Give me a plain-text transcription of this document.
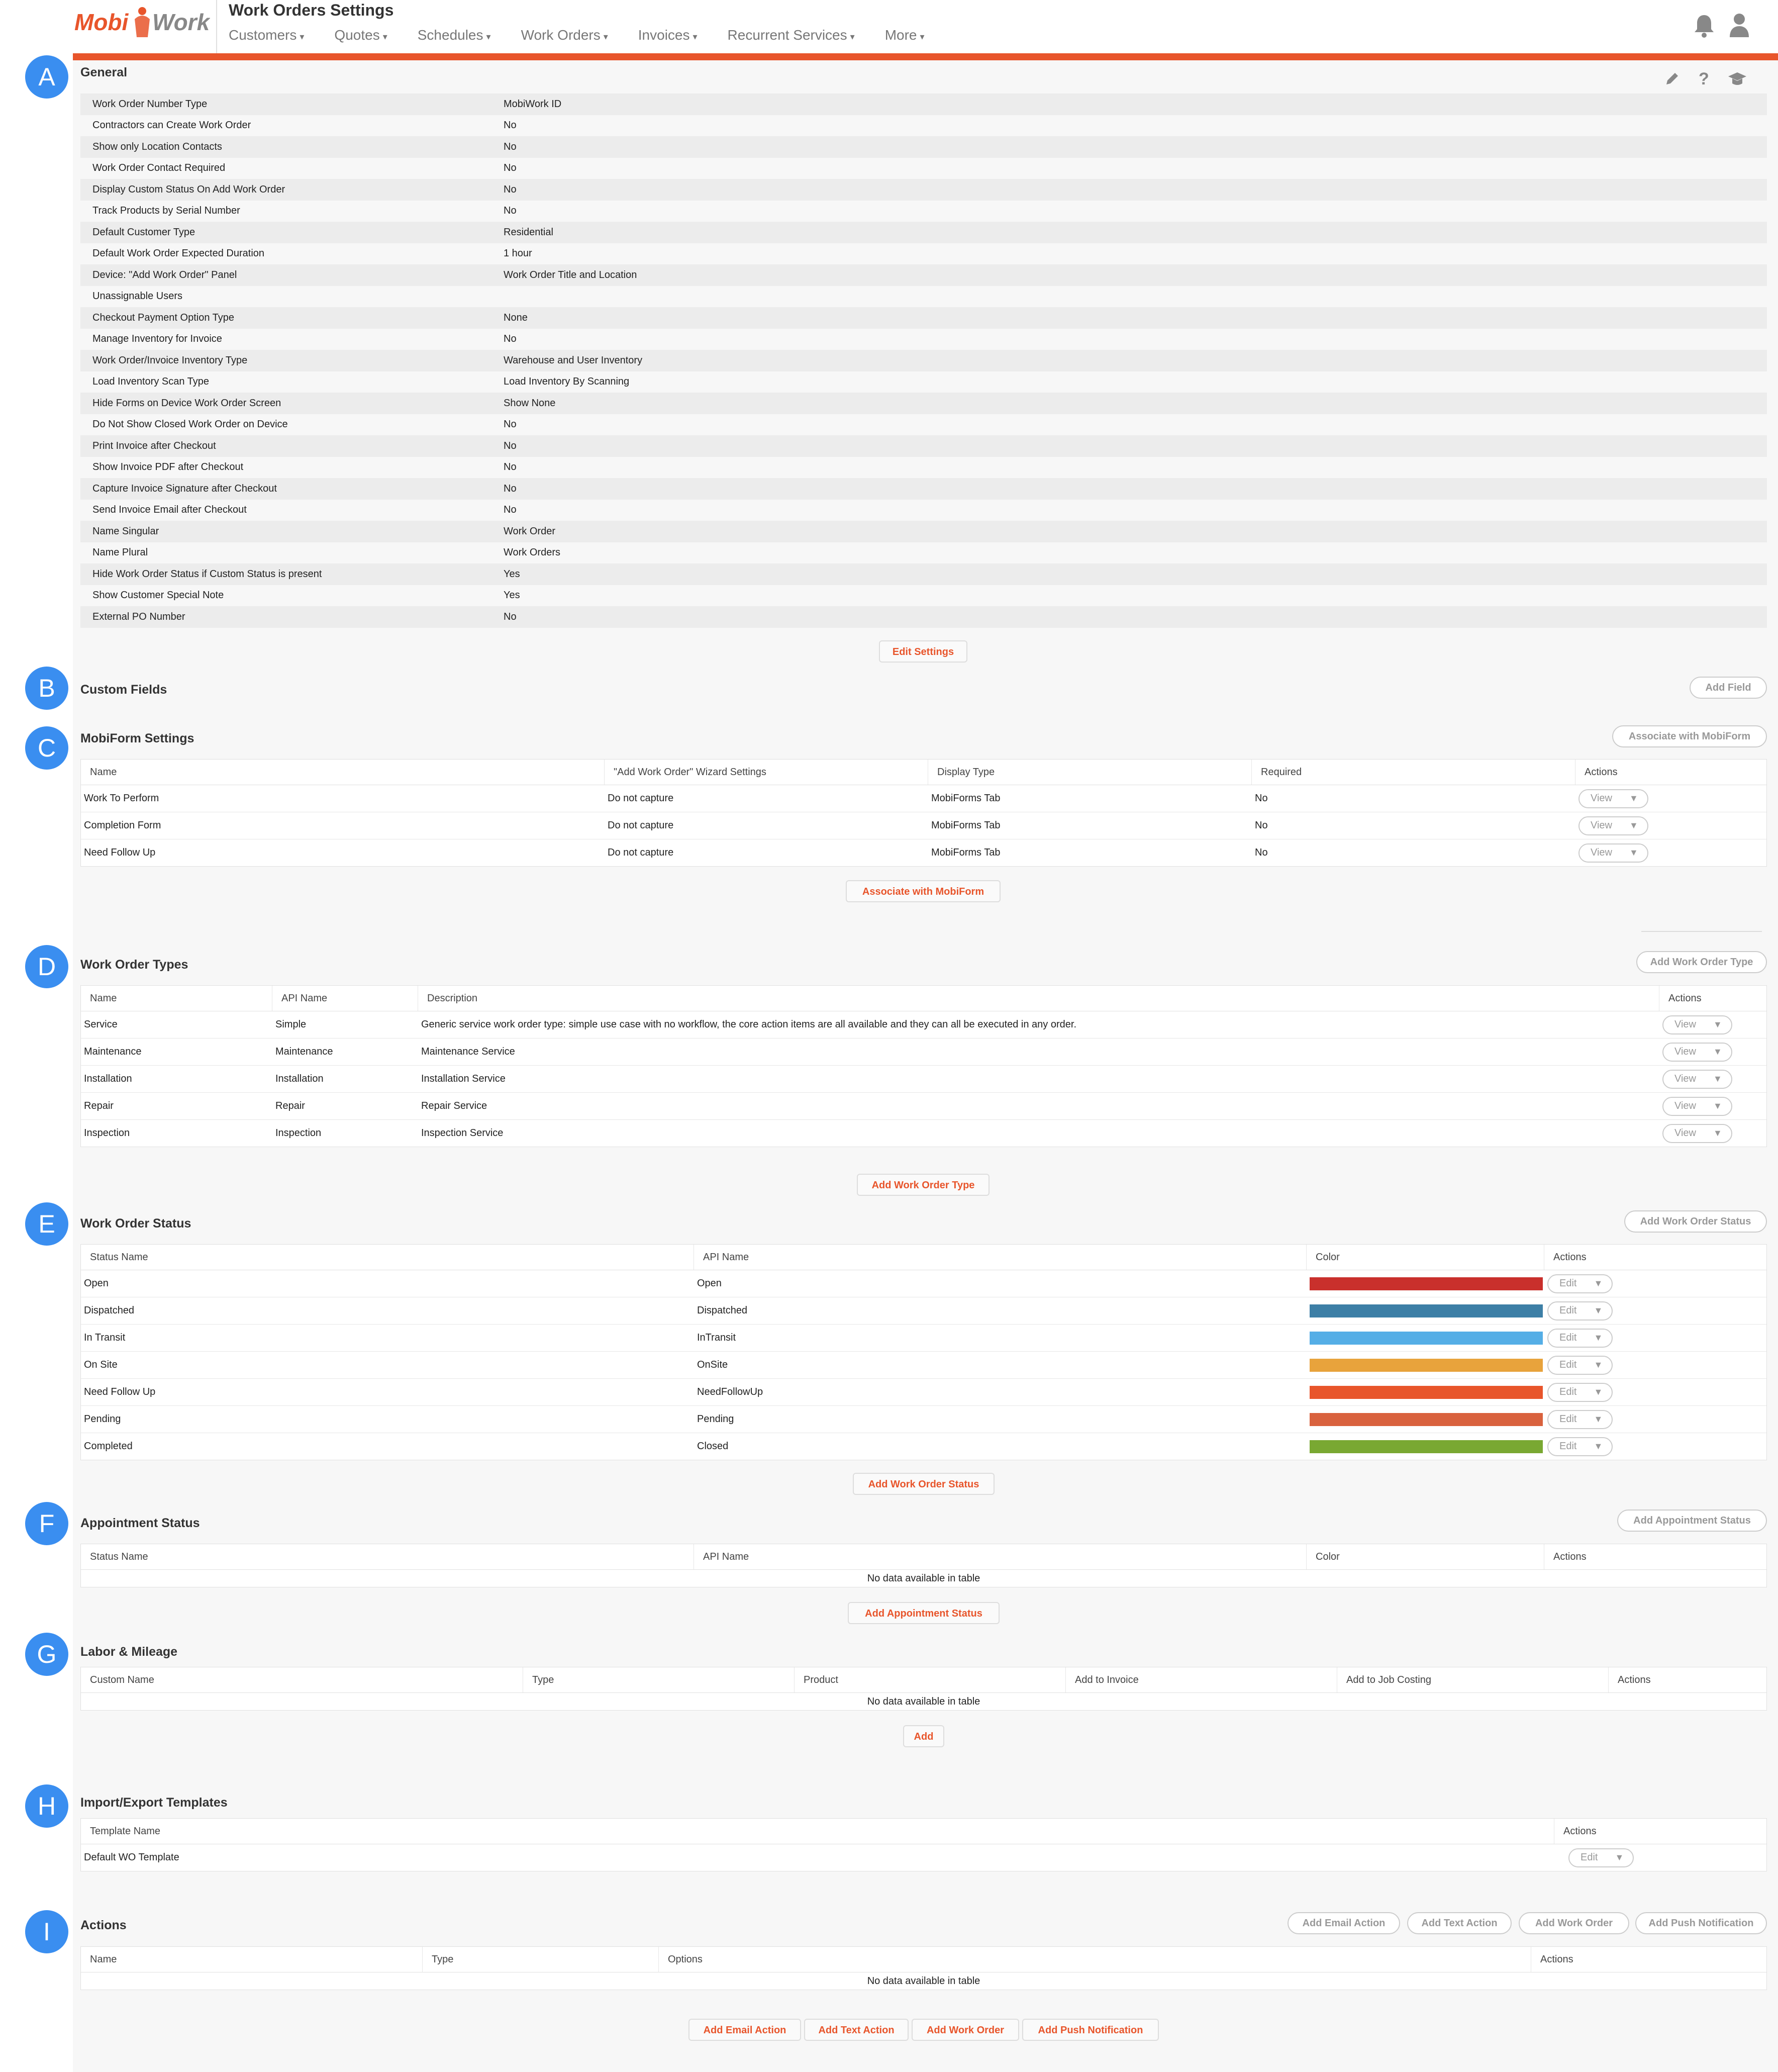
Mobi Work Work Orders Settings
Customers ▾ Quotes ▾ Schedules ▾ Work Orders ▾ Invoices ▾ Recurrent Services ▾ More ▾
A
B
C
D
E
F
G
H
I
General	?
Work Order Number Type	MobiWork ID
Contractors can Create Work Order	No
Show only Location Contacts	No
Work Order Contact Required	No
Display Custom Status On Add Work Order	No
Track Products by Serial Number	No
Default Customer Type	Residential
Default Work Order Expected Duration	1 hour
Device: "Add Work Order" Panel	Work Order Title and Location
Unassignable Users
Checkout Payment Option Type	None
Manage Inventory for Invoice	No
Work Order/Invoice Inventory Type	Warehouse and User Inventory
Load Inventory Scan Type	Load Inventory By Scanning
Hide Forms on Device Work Order Screen	Show None
Do Not Show Closed Work Order on Device	No
Print Invoice after Checkout	No
Show Invoice PDF after Checkout	No
Capture Invoice Signature after Checkout	No
Send Invoice Email after Checkout	No
Name Singular	Work Order
Name Plural	Work Orders
Hide Work Order Status if Custom Status is present	Yes
Show Customer Special Note	Yes
External PO Number	No
Edit Settings
Custom Fields	Add Field
MobiForm Settings	Associate with MobiForm
Name	"Add Work Order" Wizard Settings	Display Type	Required	Actions
Work To Perform	Do not capture	MobiForms Tab	No	View ▼
Completion Form	Do not capture	MobiForms Tab	No	View ▼
Need Follow Up	Do not capture	MobiForms Tab	No	View ▼
Associate with MobiForm
Work Order Types	Add Work Order Type
Name	API Name	Description	Actions
Service	Simple	Generic service work order type: simple use case with no workflow, the core action items are all available and they can all be executed in any order.	View ▼
Maintenance	Maintenance	Maintenance Service	View ▼
Installation	Installation	Installation Service	View ▼
Repair	Repair	Repair Service	View ▼
Inspection	Inspection	Inspection Service	View ▼
Add Work Order Type
Work Order Status	Add Work Order Status
Status Name	API Name	Color	Actions
Open	Open	Edit ▼
Dispatched	Dispatched	Edit ▼
In Transit	InTransit	Edit ▼
On Site	OnSite	Edit ▼
Need Follow Up	NeedFollowUp	Edit ▼
Pending	Pending	Edit ▼
Completed	Closed	Edit ▼
Add Work Order Status
Appointment Status	Add Appointment Status
Status Name	API Name	Color	Actions
No data available in table
Add Appointment Status
Labor & Mileage
Custom Name	Type	Product	Add to Invoice	Add to Job Costing	Actions
No data available in table
Add
Import/Export Templates
Template Name	Actions
Default WO Template	Edit ▼
Actions	Add Email Action	Add Text Action	Add Work Order	Add Push Notification
Name	Type	Options	Actions
No data available in table
Add Email Action	Add Text Action	Add Work Order	Add Push Notification
